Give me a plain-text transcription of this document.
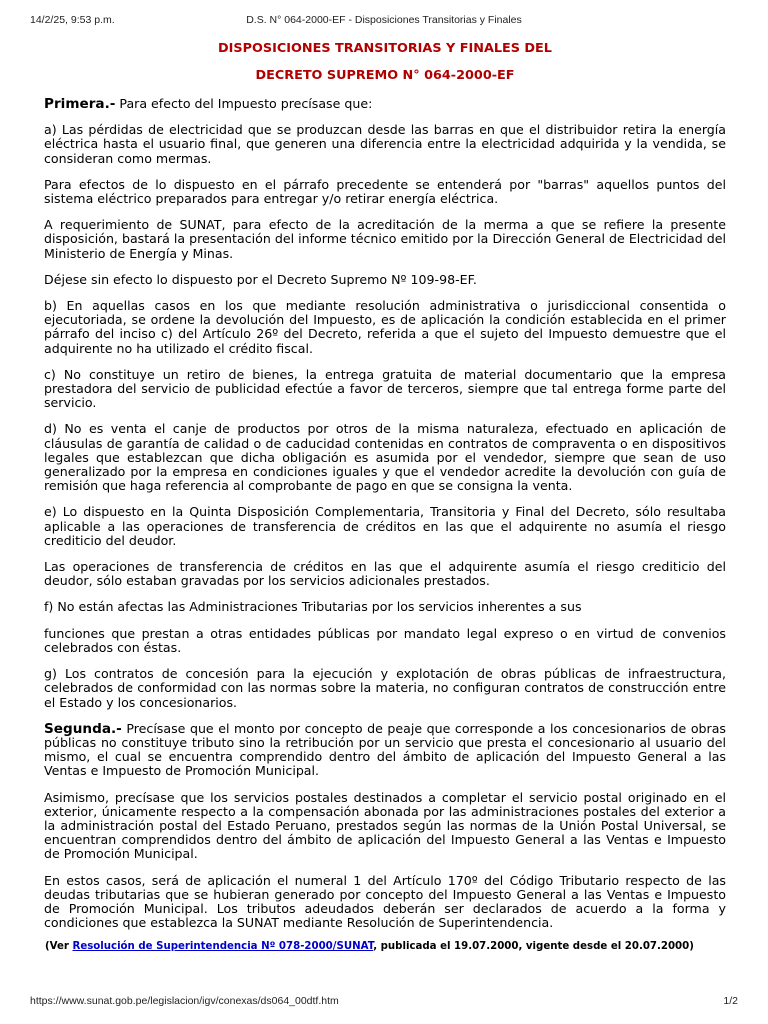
14/2/25, 9:53 p.m.	D.S. N° 064-2000-EF - Disposiciones Transitorias y Finales
DISPOSICIONES TRANSITORIAS Y FINALES DEL
DECRETO SUPREMO N° 064-2000-EF

Primera.- Para efecto del Impuesto precísase que:

a) Las pérdidas de electricidad que se produzcan desde las barras en que el distribuidor retira la energía eléctrica hasta el usuario final, que generen una diferencia entre la electricidad adquirida y la vendida, se consideran como mermas.

Para efectos de lo dispuesto en el párrafo precedente se entenderá por "barras" aquellos puntos del sistema eléctrico preparados para entregar y/o retirar energía eléctrica.

A requerimiento de SUNAT, para efecto de la acreditación de la merma a que se refiere la presente disposición, bastará la presentación del informe técnico emitido por la Dirección General de Electricidad del Ministerio de Energía y Minas.

Déjese sin efecto lo dispuesto por el Decreto Supremo Nº 109-98-EF.

b) En aquellas casos en los que mediante resolución administrativa o jurisdiccional consentida o ejecutoriada, se ordene la devolución del Impuesto, es de aplicación la condición establecida en el primer párrafo del inciso c) del Artículo 26º del Decreto, referida a que el sujeto del Impuesto demuestre que el adquirente no ha utilizado el crédito fiscal.

c) No constituye un retiro de bienes, la entrega gratuita de material documentario que la empresa prestadora del servicio de publicidad efectúe a favor de terceros, siempre que tal entrega forme parte del servicio.

d) No es venta el canje de productos por otros de la misma naturaleza, efectuado en aplicación de cláusulas de garantía de calidad o de caducidad contenidas en contratos de compraventa o en dispositivos legales que establezcan que dicha obligación es asumida por el vendedor, siempre que sean de uso generalizado por la empresa en condiciones iguales y que el vendedor acredite la devolución con guía de remisión que haga referencia al comprobante de pago en que se consigna la venta.

e) Lo dispuesto en la Quinta Disposición Complementaria, Transitoria y Final del Decreto, sólo resultaba aplicable a las operaciones de transferencia de créditos en las que el adquirente no asumía el riesgo crediticio del deudor.

Las operaciones de transferencia de créditos en las que el adquirente asumía el riesgo crediticio del deudor, sólo estaban gravadas por los servicios adicionales prestados.

f) No están afectas las Administraciones Tributarias por los servicios inherentes a sus

funciones que prestan a otras entidades públicas por mandato legal expreso o en virtud de convenios celebrados con éstas.

g) Los contratos de concesión para la ejecución y explotación de obras públicas de infraestructura, celebrados de conformidad con las normas sobre la materia, no configuran contratos de construcción entre el Estado y los concesionarios.

Segunda.- Precísase que el monto por concepto de peaje que corresponde a los concesionarios de obras públicas no constituye tributo sino la retribución por un servicio que presta el concesionario al usuario del mismo, el cual se encuentra comprendido dentro del ámbito de aplicación del Impuesto General a las Ventas e Impuesto de Promoción Municipal.

Asimismo, precísase que los servicios postales destinados a completar el servicio postal originado en el exterior, únicamente respecto a la compensación abonada por las administraciones postales del exterior a la administración postal del Estado Peruano, prestados según las normas de la Unión Postal Universal, se encuentran comprendidos dentro del ámbito de aplicación del Impuesto General a las Ventas e Impuesto de Promoción Municipal.

En estos casos, será de aplicación el numeral 1 del Artículo 170º del Código Tributario respecto de las deudas tributarias que se hubieran generado por concepto del Impuesto General a las Ventas e Impuesto de Promoción Municipal. Los tributos adeudados deberán ser declarados de acuerdo a la forma y condiciones que establezca la SUNAT mediante Resolución de Superintendencia.

(Ver Resolución de Superintendencia Nº 078-2000/SUNAT, publicada el 19.07.2000, vigente desde el 20.07.2000)
https://www.sunat.gob.pe/legislacion/igv/conexas/ds064_00dtf.htm	1/2
